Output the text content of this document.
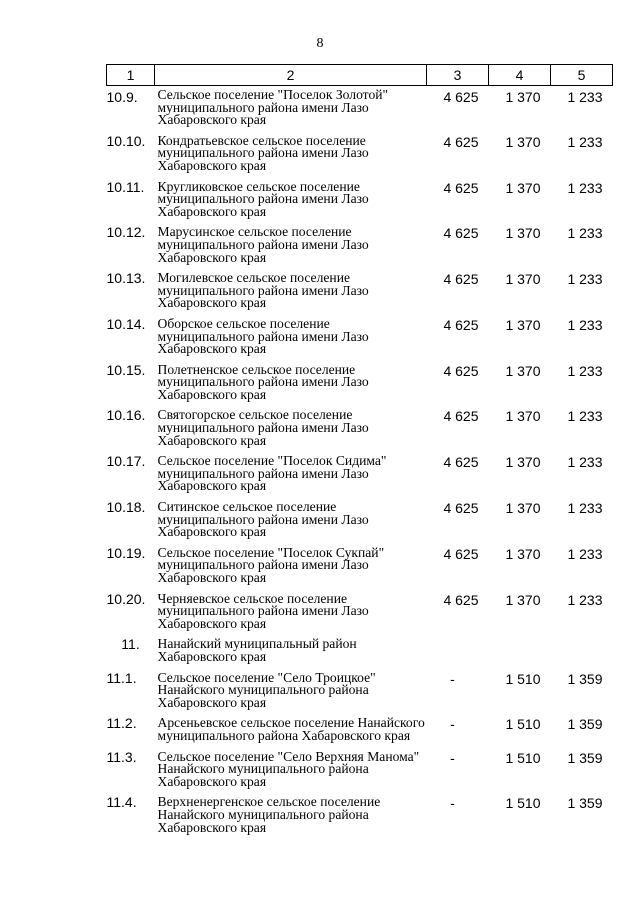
8
1	2	3	4	5
10.9.	Сельское поселение "Поселок Золотой" муниципального района имени Лазо Хабаровского края	4 625	1 370	1 233
10.10.	Кондратьевское сельское поселение муниципального района имени Лазо Хабаровского края	4 625	1 370	1 233
10.11.	Кругликовское сельское поселение муниципального района имени Лазо Хабаровского края	4 625	1 370	1 233
10.12.	Марусинское сельское поселение муниципального района имени Лазо Хабаровского края	4 625	1 370	1 233
10.13.	Могилевское сельское поселение муниципального района имени Лазо Хабаровского края	4 625	1 370	1 233
10.14.	Оборское сельское поселение муниципального района имени Лазо Хабаровского края	4 625	1 370	1 233
10.15.	Полетненское сельское поселение муниципального района имени Лазо Хабаровского края	4 625	1 370	1 233
10.16.	Святогорское сельское поселение муниципального района имени Лазо Хабаровского края	4 625	1 370	1 233
10.17.	Сельское поселение "Поселок Сидима" муниципального района имени Лазо Хабаровского края	4 625	1 370	1 233
10.18.	Ситинское сельское поселение муниципального района имени Лазо Хабаровского края	4 625	1 370	1 233
10.19.	Сельское поселение "Поселок Сукпай" муниципального района имени Лазо Хабаровского края	4 625	1 370	1 233
10.20.	Черняевское сельское поселение муниципального района имени Лазо Хабаровского края	4 625	1 370	1 233
11.	Нанайский муниципальный район Хабаровского края			
11.1.	Сельское поселение "Село Троицкое" Нанайского муниципального района Хабаровского края	-	1 510	1 359
11.2.	Арсеньевское сельское поселение Нанайского муниципального района Хабаровского края	-	1 510	1 359
11.3.	Сельское поселение "Село Верхняя Манома" Нанайского муниципального района Хабаровского края	-	1 510	1 359
11.4.	Верхненергенское сельское поселение Нанайского муниципального района Хабаровского края	-	1 510	1 359
